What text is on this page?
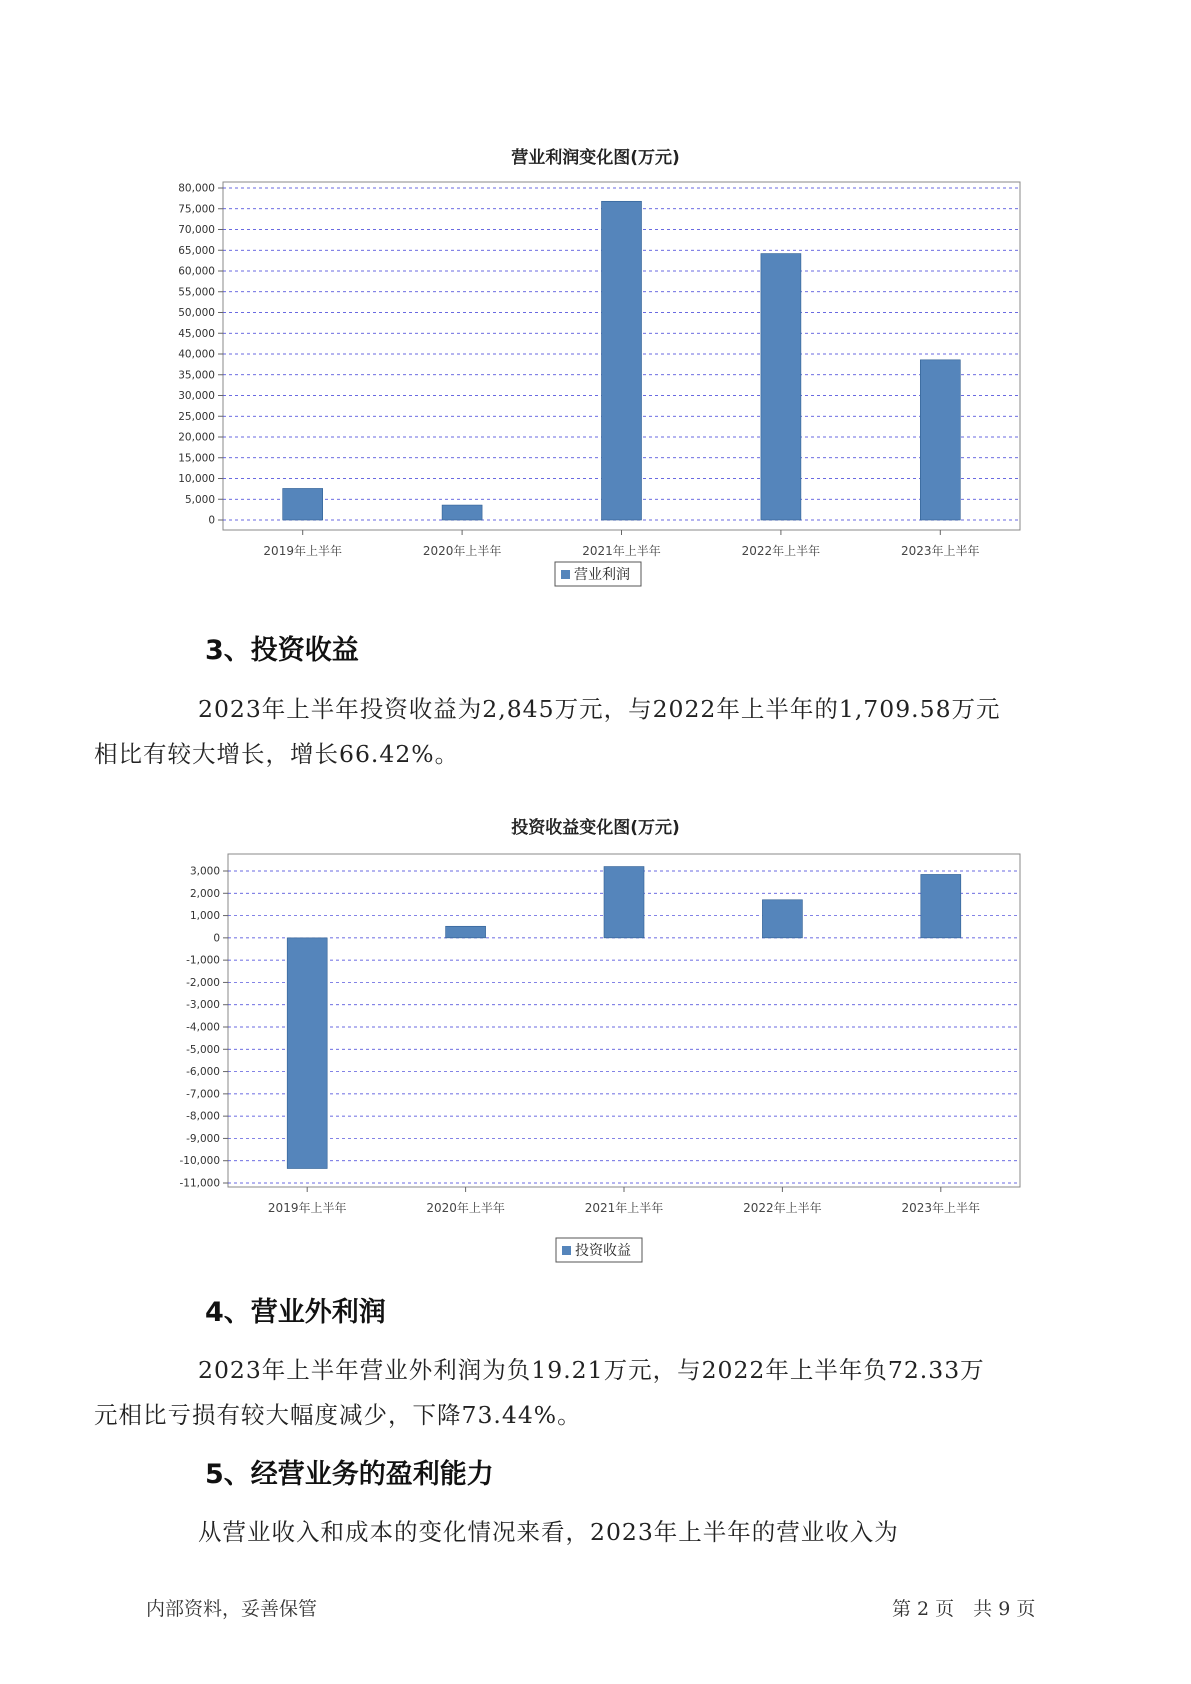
营业利润变化图(万元)
0
5,000
10,000
15,000
20,000
25,000
30,000
35,000
40,000
45,000
50,000
55,000
60,000
65,000
70,000
75,000
80,000
2019年上半年	2020年上半年	2021年上半年	2022年上半年	2023年上半年
营业利润
3、投资收益

2023年上半年投资收益为2,845万元，与2022年上半年的1,709.58万元
相比有较大增长，增长66.42%。

投资收益变化图(万元)
3,000
2,000
1,000
0
-1,000
-2,000
-3,000
-4,000
-5,000
-6,000
-7,000
-8,000
-9,000
-10,000
-11,000
2019年上半年	2020年上半年	2021年上半年	2022年上半年	2023年上半年
投资收益
4、营业外利润

2023年上半年营业外利润为负19.21万元，与2022年上半年负72.33万
元相比亏损有较大幅度减少，下降73.44%。

5、经营业务的盈利能力

从营业收入和成本的变化情况来看，2023年上半年的营业收入为

内部资料，妥善保管	第 2 页　共 9 页
